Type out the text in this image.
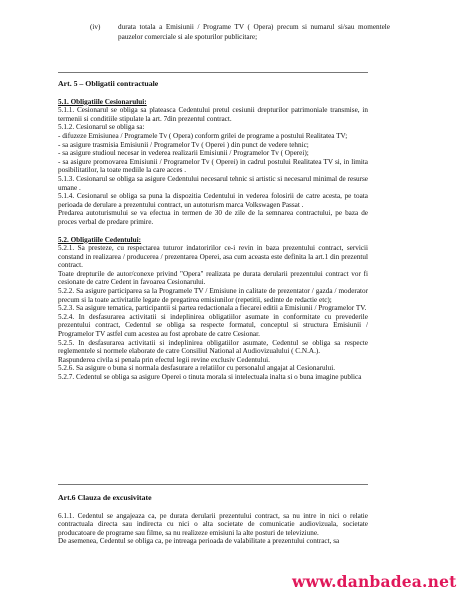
(iv) durata totala a Emisiunii / Programe TV ( Opera) precum si numarul si/sau momentele pauzelor comerciale si ale spoturilor publicitare;

Art. 5 – Obligatii contractuale

5.1. Obligatiile Cesionarului:

5.1.1. Cesionarul se obliga sa plateasca Cedentului pretul cesiunii drepturilor patrimoniale transmise, in termenii si conditiile stipulate la art. 7din prezentul contract.

5.1.2. Cesionarul se obliga sa:

- difuzeze Emisiunea / Programele Tv ( Opera) conform grilei de programe a postului Realitatea TV;

- sa asigure trasmisia Emisiunii / Programelor Tv ( Operei ) din punct de vedere tehnic;

- sa asigure studioul necesar in vederea realizarii Emisiunii / Programelor Tv ( Operei);

- sa asigure promovarea Emisiunii / Programelor Tv ( Operei) in cadrul postului Realitatea TV si, in limita posibilitatilor, la toate mediile la care acces .

5.1.3. Cesionarul se obliga sa asigure Cedentului necesarul tehnic si artistic si necesarul minimal de resurse umane .

5.1.4. Cesionarul se obliga sa puna la dispozitia Cedentului in vederea folosirii de catre acesta, pe toata perioada de derulare a prezentului contract, un autoturism marca Volkswagen Passat .

Predarea autoturismului se va efectua in termen de 30 de zile de la semnarea contractului, pe baza de proces verbal de predare primire.

5.2. Obligatiile Cedentului:

5.2.1. Sa presteze, cu respectarea tuturor indatoririlor ce-i revin in baza prezentului contract, servicii constand in realizarea / producerea / prezentarea Operei, asa cum aceasta este definita la art.1 din prezentul contract.

Toate drepturile de autor/conexe privind "Opera" realizata pe durata derularii prezentului contract vor fi cesionate de catre Cedent in favoarea Cesionarului.

5.2.2. Sa asigure participarea sa la Programele TV / Emisiune in calitate de prezentator / gazda / moderator precum si la toate activitatile legate de pregatirea emisiunilor (repetitii, sedinte de redactie etc);

5.2.3. Sa asigure tematica, participantii si partea redactionala a fiecarei editii a Emisiunii / Programelor TV.

5.2.4. In desfasurarea activitatii si indeplinirea obligatiilor asumate in conformitate cu prevederile prezentului contract, Cedentul se obliga sa respecte formatul, conceptul si structura Emisiunii / Programelor TV astfel cum acestea au fost aprobate de catre Cesionar.

5.2.5. In desfasurarea activitatii si indeplinirea obligatiilor asumate, Cedentul se obliga sa respecte reglementele si normele elaborate de catre Consiliul National al Audiovizualului ( C.N.A.).

Raspunderea civila si penala prin efectul legii revine exclusiv Cedentului.

5.2.6. Sa asigure o buna si normala desfasurare a relatiilor cu personalul angajat al Cesionarului.

5.2.7. Cedentul se obliga sa asigure Operei o tinuta morala si intelectuala inalta si o buna imagine publica

Art.6 Clauza de excusivitate

6.1.1. Cedentul se angajeaza ca, pe durata derularii prezentului contract, sa nu intre in nici o relatie contractuala directa sau indirecta cu nici o alta societate de comunicatie audiovizuala, societate producatoare de programe sau filme, sa nu realizeze emisiuni la alte posturi de televiziune.

De asemenea, Cedentul se obliga ca, pe intreaga perioada de valabilitate a prezentului contract, sa

www.danbadea.net
